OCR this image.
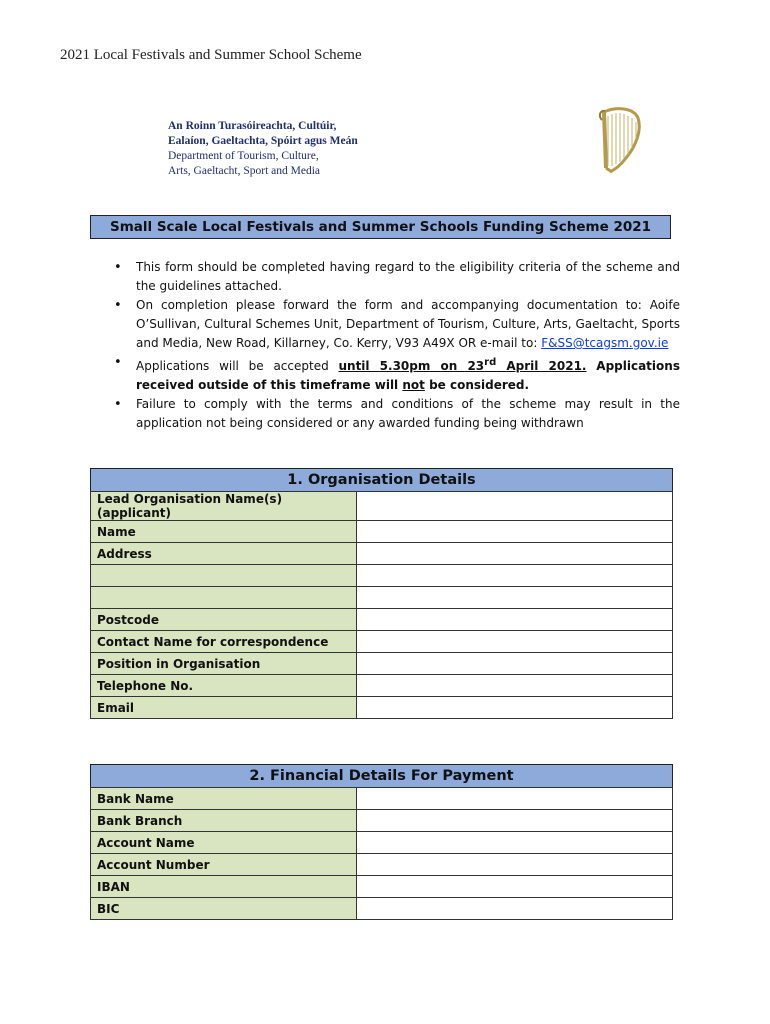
2021 Local Festivals and Summer School Scheme
An Roinn Turasóireachta, Cultúir,
Ealaíon, Gaeltachta, Spóirt agus Meán
Department of Tourism, Culture,
Arts, Gaeltacht, Sport and Media
Small Scale Local Festivals and Summer Schools Funding Scheme 2021
• This form should be completed having regard to the eligibility criteria of the scheme and the guidelines attached.
• On completion please forward the form and accompanying documentation to: Aoife O’Sullivan, Cultural Schemes Unit, Department of Tourism, Culture, Arts, Gaeltacht, Sports and Media, New Road, Killarney, Co. Kerry, V93 A49X OR e-mail to: F&SS@tcagsm.gov.ie
• Applications will be accepted until 5.30pm on 23rd April 2021. Applications received outside of this timeframe will not be considered.
• Failure to comply with the terms and conditions of the scheme may result in the application not being considered or any awarded funding being withdrawn
1. Organisation Details
Lead Organisation Name(s) (applicant)	
Name	
Address	

Postcode	
Contact Name for correspondence	
Position in Organisation	
Telephone No.	
Email	
2. Financial Details For Payment
Bank Name	
Bank Branch	
Account Name	
Account Number	
IBAN	
BIC	
